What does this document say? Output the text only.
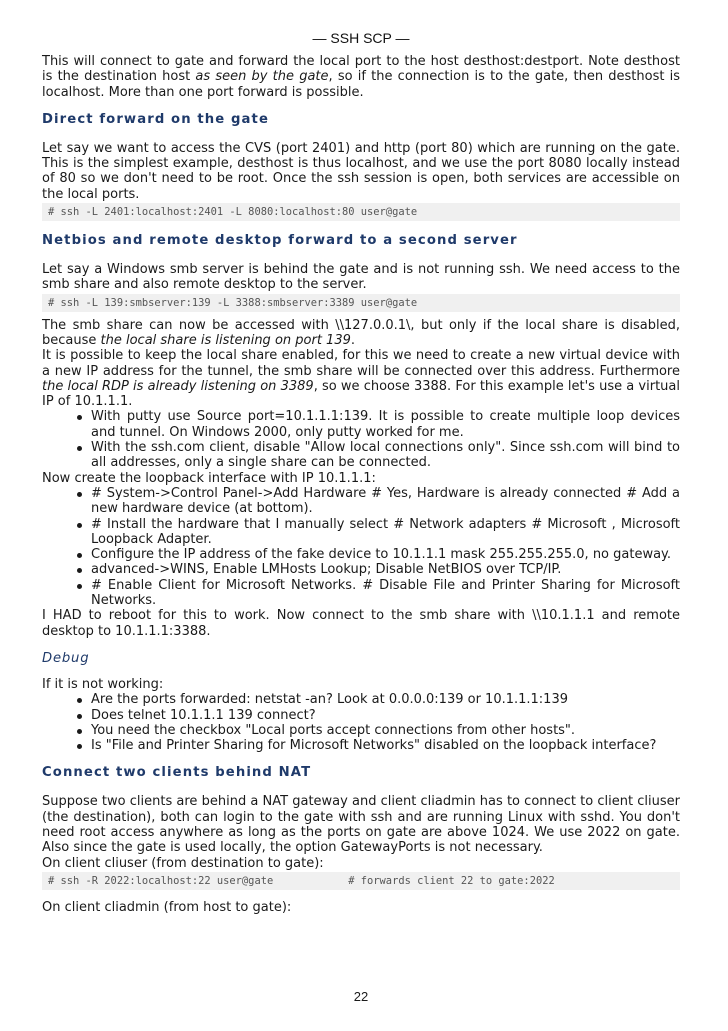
— SSH SCP —

This will connect to gate and forward the local port to the host desthost:destport. Note desthost is the destination host as seen by the gate, so if the connection is to the gate, then desthost is localhost. More than one port forward is possible.

Direct forward on the gate

Let say we want to access the CVS (port 2401) and http (port 80) which are running on the gate. This is the simplest example, desthost is thus localhost, and we use the port 8080 locally instead of 80 so we don't need to be root. Once the ssh session is open, both services are accessible on the local ports.

# ssh -L 2401:localhost:2401 -L 8080:localhost:80 user@gate
Netbios and remote desktop forward to a second server

Let say a Windows smb server is behind the gate and is not running ssh. We need access to the smb share and also remote desktop to the server.

# ssh -L 139:smbserver:139 -L 3388:smbserver:3389 user@gate

The smb share can now be accessed with \\127.0.0.1\, but only if the local share is disabled, because the local share is listening on port 139.

It is possible to keep the local share enabled, for this we need to create a new virtual device with a new IP address for the tunnel, the smb share will be connected over this address. Furthermore the local RDP is already listening on 3389, so we choose 3388. For this example let's use a virtual IP of 10.1.1.1.

With putty use Source port=10.1.1.1:139. It is possible to create multiple loop devices and tunnel. On Windows 2000, only putty worked for me.
With the ssh.com client, disable "Allow local connections only". Since ssh.com will bind to all addresses, only a single share can be connected.

Now create the loopback interface with IP 10.1.1.1:

# System->Control Panel->Add Hardware # Yes, Hardware is already connected # Add a new hardware device (at bottom).
# Install the hardware that I manually select # Network adapters # Microsoft , Microsoft Loopback Adapter.
Configure the IP address of the fake device to 10.1.1.1 mask 255.255.255.0, no gateway.
advanced->WINS, Enable LMHosts Lookup; Disable NetBIOS over TCP/IP.
# Enable Client for Microsoft Networks. # Disable File and Printer Sharing for Microsoft Networks.

I HAD to reboot for this to work. Now connect to the smb share with \\10.1.1.1 and remote desktop to 10.1.1.1:3388.

Debug

If it is not working:

Are the ports forwarded: netstat -an? Look at 0.0.0.0:139 or 10.1.1.1:139
Does telnet 10.1.1.1 139 connect?
You need the checkbox "Local ports accept connections from other hosts".
Is "File and Printer Sharing for Microsoft Networks" disabled on the loopback interface?
Connect two clients behind NAT

Suppose two clients are behind a NAT gateway and client cliadmin has to connect to client cliuser (the destination), both can login to the gate with ssh and are running Linux with sshd. You don't need root access anywhere as long as the ports on gate are above 1024. We use 2022 on gate. Also since the gate is used locally, the option GatewayPorts is not necessary.

On client cliuser (from destination to gate):

# ssh -R 2022:localhost:22 user@gate            # forwards client 22 to gate:2022

On client cliadmin (from host to gate):

22
